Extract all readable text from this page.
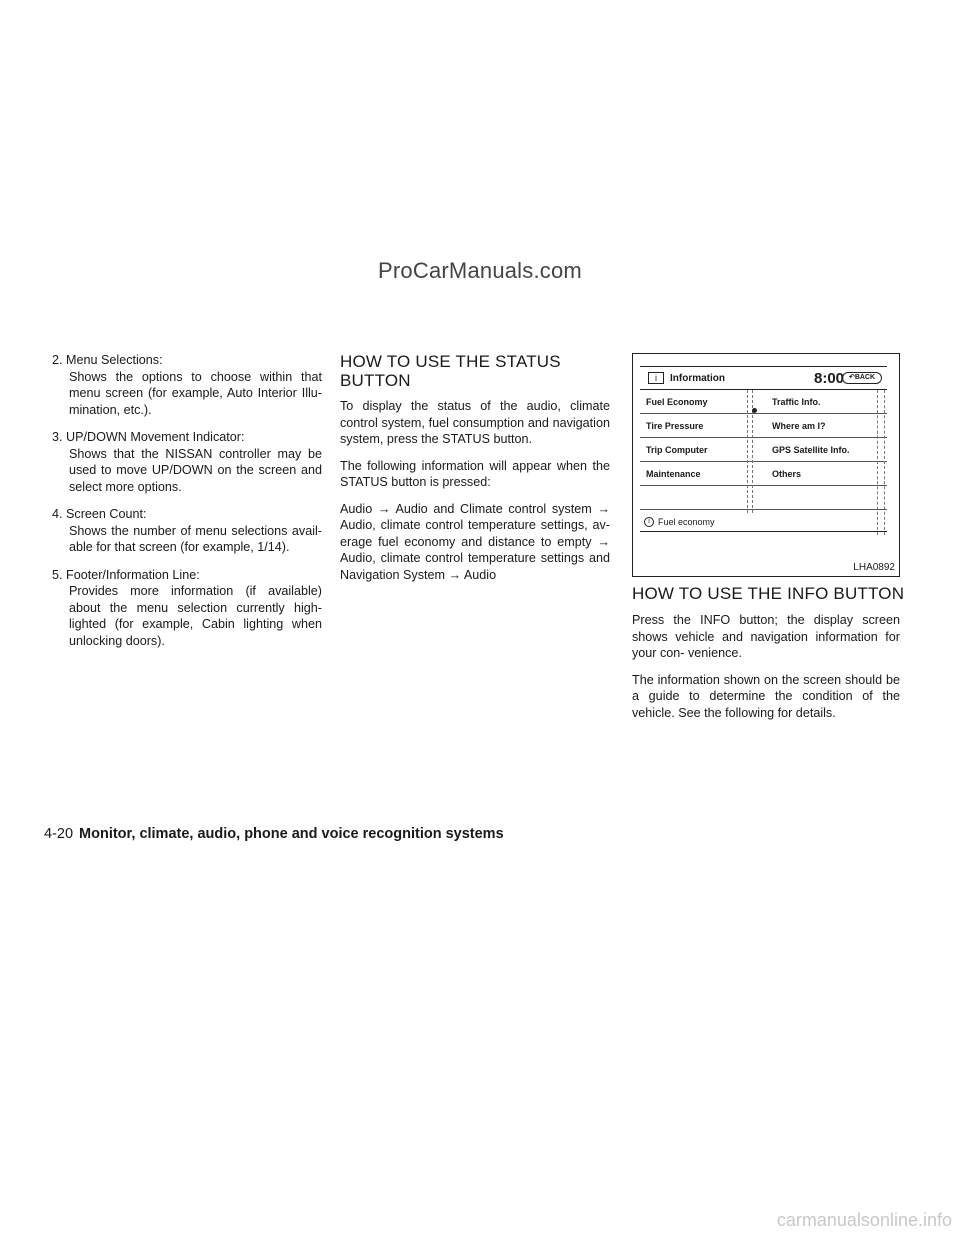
ProCarManuals.com
2. Menu Selections:
Shows the options to choose within that menu screen (for example, Auto Interior Illu- mination, etc.).
3. UP/DOWN Movement Indicator:
Shows that the NISSAN controller may be used to move UP/DOWN on the screen and select more options.
4. Screen Count:
Shows the number of menu selections avail- able for that screen (for example, 1/14).
5. Footer/Information Line:
Provides more information (if available) about the menu selection currently high- lighted (for example, Cabin lighting when unlocking doors).
HOW TO USE THE STATUS BUTTON

To display the status of the audio, climate control system, fuel consumption and navigation system, press the STATUS button.

The following information will appear when the STATUS button is pressed:

Audio → Audio and Climate control system → Audio, climate control temperature settings, av- erage fuel economy and distance to empty → Audio, climate control temperature settings and Navigation System → Audio

i	Information	8:00 ↶BACK
Fuel Economy	Traffic Info.
Tire Pressure	Where am I?
Trip Computer	GPS Satellite Info.
Maintenance	Others
i Fuel economy
LHA0892
HOW TO USE THE INFO BUTTON

Press the INFO button; the display screen shows vehicle and navigation information for your con- venience.

The information shown on the screen should be a guide to determine the condition of the vehicle. See the following for details.

4-20 Monitor, climate, audio, phone and voice recognition systems
carmanualsonline.info
